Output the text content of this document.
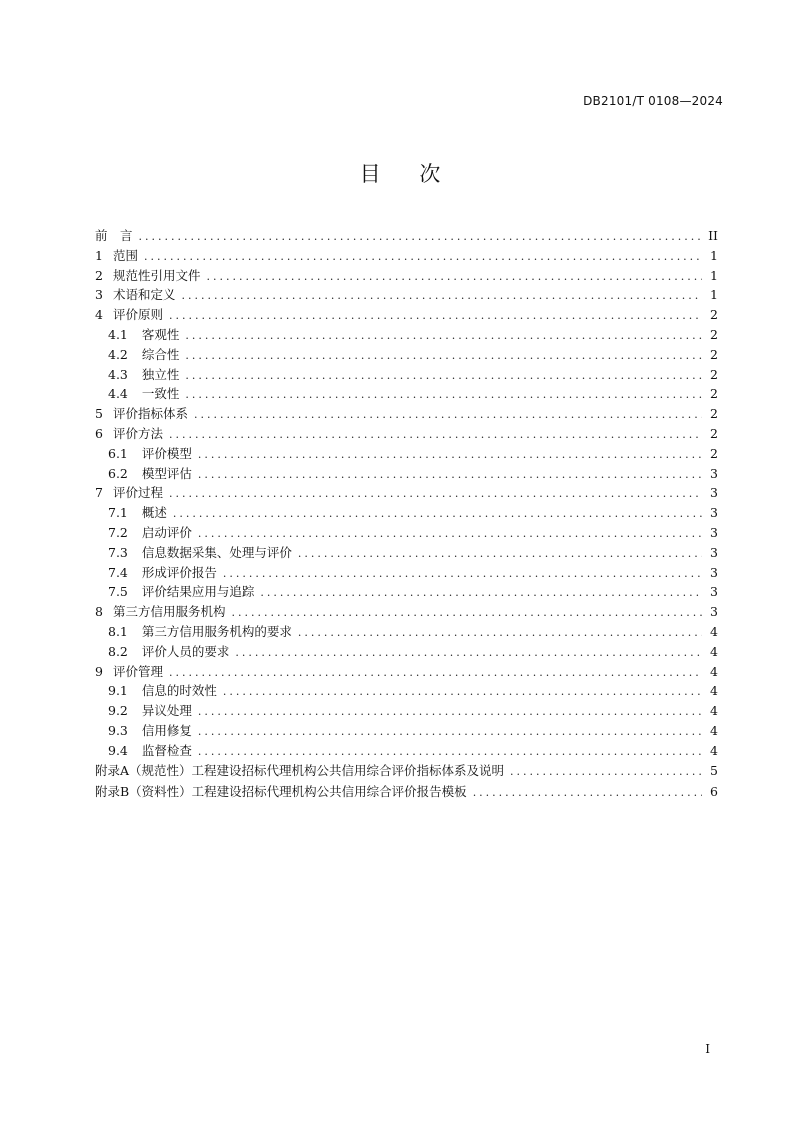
DB2101/T 0108—2024
目 次
前　言 .....	II
1 范围 .....	1
2 规范性引用文件 .....	1
3 术语和定义 .....	1
4 评价原则 .....	2
4.1 客观性 .....	2
4.2 综合性 .....	2
4.3 独立性 .....	2
4.4 一致性 .....	2
5 评价指标体系 .....	2
6 评价方法 .....	2
6.1 评价模型 .....	2
6.2 模型评估 .....	3
7 评价过程 .....	3
7.1 概述 .....	3
7.2 启动评价 .....	3
7.3 信息数据采集、处理与评价 .....	3
7.4 形成评价报告 .....	3
7.5 评价结果应用与追踪 .....	3
8 第三方信用服务机构 .....	3
8.1 第三方信用服务机构的要求 .....	4
8.2 评价人员的要求 .....	4
9 评价管理 .....	4
9.1 信息的时效性 .....	4
9.2 异议处理 .....	4
9.3 信用修复 .....	4
9.4 监督检查 .....	4
附录A（规范性）工程建设招标代理机构公共信用综合评价指标体系及说明 .....	5
附录B（资料性）工程建设招标代理机构公共信用综合评价报告模板 .....	6
I
